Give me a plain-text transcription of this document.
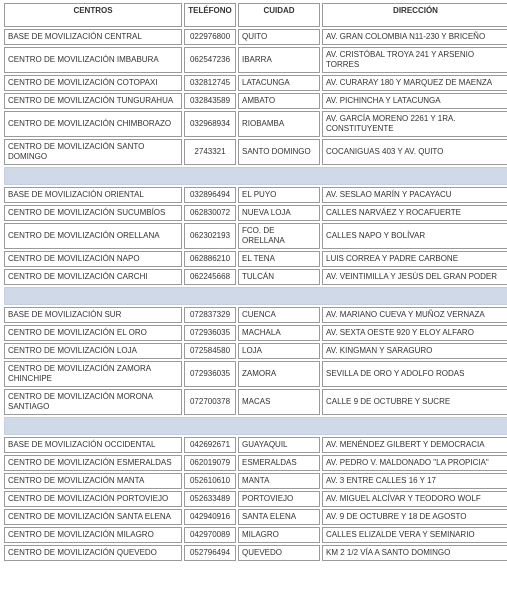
CENTROS	TELÉFONO	CUIDAD	DIRECCIÓN
BASE DE MOVILIZACIÓN CENTRAL	022976800	QUITO	AV. GRAN COLOMBIA N11-230 Y BRICEÑO
CENTRO DE MOVILIZACIÓN IMBABURA	062547236	IBARRA	AV. CRISTÓBAL TROYA 241 Y ARSENIO TORRES
CENTRO DE MOVILIZACIÓN COTOPAXI	032812745	LATACUNGA	AV. CURARAY 180 Y MARQUEZ DE MAENZA
CENTRO DE MOVILIZACIÓN TUNGURAHUA	032843589	AMBATO	AV. PICHINCHA Y LATACUNGA
CENTRO DE MOVILIZACIÓN CHIMBORAZO	032968934	RIOBAMBA	AV. GARCÍA MORENO 2261 Y 1RA. CONSTITUYENTE
CENTRO DE MOVILIZACIÓN SANTO DOMINGO	2743321	SANTO DOMINGO	COCANIGUAS 403 Y AV. QUITO

BASE DE MOVILIZACIÓN ORIENTAL	032896494	EL PUYO	AV. SESLAO MARÍN Y PACAYACU
CENTRO DE MOVILIZACIÓN SUCUMBÍOS	062830072	NUEVA LOJA	CALLES NARVÁEZ Y ROCAFUERTE
CENTRO DE MOVILIZACIÓN ORELLANA	062302193	FCO. DE ORELLANA	CALLES NAPO Y BOLÍVAR
CENTRO DE MOVILIZACIÓN NAPO	062886210	EL TENA	LUIS CORREA Y PADRE CARBONE
CENTRO DE MOVILIZACIÓN CARCHI	062245668	TULCÁN	AV. VEINTIMILLA Y JESÚS DEL GRAN PODER

BASE DE MOVILIZACIÓN SUR	072837329	CUENCA	AV. MARIANO CUEVA Y MUÑOZ VERNAZA
CENTRO DE MOVILIZACIÓN EL ORO	072936035	MACHALA	AV. SEXTA OESTE 920 Y ELOY ALFARO
CENTRO DE MOVILIZACIÓN LOJA	072584580	LOJA	AV. KINGMAN Y SARAGURO
CENTRO DE MOVILIZACIÓN ZAMORA CHINCHIPE	072936035	ZAMORA	SEVILLA DE ORO Y ADOLFO RODAS
CENTRO DE MOVILIZACIÓN MORONA SANTIAGO	072700378	MACAS	CALLE 9 DE OCTUBRE Y SUCRE

BASE DE MOVILIZACIÓN OCCIDENTAL	042692671	GUAYAQUIL	AV. MENÉNDEZ GILBERT Y DEMOCRACIA
CENTRO DE MOVILIZACIÓN ESMERALDAS	062019079	ESMERALDAS	AV. PEDRO V. MALDONADO "LA PROPICIA"
CENTRO DE MOVILIZACIÓN MANTA	052610610	MANTA	AV. 3 ENTRE CALLES 16 Y 17
CENTRO DE MOVILIZACIÓN PORTOVIEJO	052633489	PORTOVIEJO	AV. MIGUEL ALCÍVAR Y TEODORO WOLF
CENTRO DE MOVILIZACIÓN SANTA ELENA	042940916	SANTA ELENA	AV. 9 DE OCTUBRE Y 18 DE AGOSTO
CENTRO DE MOVILIZACIÓN MILAGRO	042970089	MILAGRO	CALLES ELIZALDE VERA Y SEMINARIO
CENTRO DE MOVILIZACIÓN QUEVEDO	052796494	QUEVEDO	KM 2 1/2 VÍA A SANTO DOMINGO
